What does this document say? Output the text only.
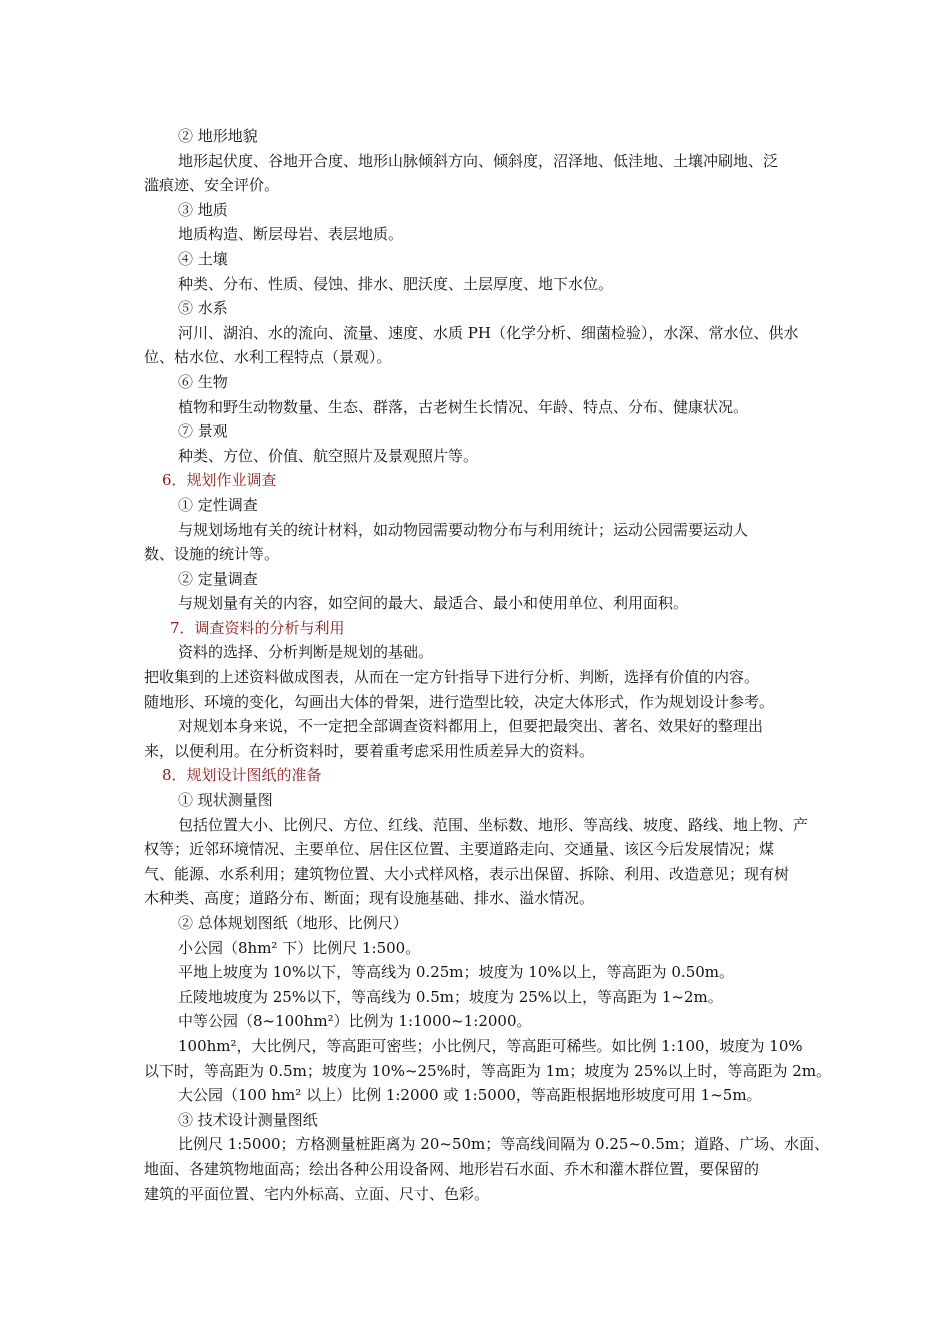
② 地形地貌
地形起伏度、谷地开合度、地形山脉倾斜方向、倾斜度，沼泽地、低洼地、土壤冲刷地、泛
滥痕迹、安全评价。
③ 地质
地质构造、断层母岩、表层地质。
④ 土壤
种类、分布、性质、侵蚀、排水、肥沃度、土层厚度、地下水位。
⑤ 水系
河川、湖泊、水的流向、流量、速度、水质 PH（化学分析、细菌检验），水深、常水位、供水
位、枯水位、水利工程特点（景观）。
⑥ 生物
植物和野生动物数量、生态、群落，古老树生长情况、年龄、特点、分布、健康状况。
⑦ 景观
种类、方位、价值、航空照片及景观照片等。
6．规划作业调查
① 定性调查
与规划场地有关的统计材料，如动物园需要动物分布与利用统计；运动公园需要运动人
数、设施的统计等。
② 定量调查
与规划量有关的内容，如空间的最大、最适合、最小和使用单位、利用面积。
7．调查资料的分析与利用
资料的选择、分析判断是规划的基础。
把收集到的上述资料做成图表，从而在一定方针指导下进行分析、判断，选择有价值的内容。
随地形、环境的变化，勾画出大体的骨架，进行造型比较，决定大体形式，作为规划设计参考。
对规划本身来说，不一定把全部调查资料都用上，但要把最突出、著名、效果好的整理出
来，以便利用。在分析资料时，要着重考虑采用性质差异大的资料。
8．规划设计图纸的准备
① 现状测量图
包括位置大小、比例尺、方位、红线、范围、坐标数、地形、等高线、坡度、路线、地上物、产
权等；近邻环境情况、主要单位、居住区位置、主要道路走向、交通量、该区今后发展情况；煤
气、能源、水系利用；建筑物位置、大小式样风格，表示出保留、拆除、利用、改造意见；现有树
木种类、高度；道路分布、断面；现有设施基础、排水、溢水情况。
② 总体规划图纸（地形、比例尺）
小公园（8hm² 下）比例尺 1:500。
平地上坡度为 10%以下，等高线为 0.25m；坡度为 10%以上，等高距为 0.50m。
丘陵地坡度为 25%以下，等高线为 0.5m；坡度为 25%以上，等高距为 1~2m。
中等公园（8~100hm²）比例为 1:1000~1:2000。
100hm²，大比例尺，等高距可密些；小比例尺，等高距可稀些。如比例 1:100，坡度为 10%
以下时，等高距为 0.5m；坡度为 10%~25%时，等高距为 1m；坡度为 25%以上时，等高距为 2m。
大公园（100 hm² 以上）比例 1:2000 或 1:5000，等高距根据地形坡度可用 1~5m。
③ 技术设计测量图纸
比例尺 1:5000；方格测量桩距离为 20~50m；等高线间隔为 0.25~0.5m；道路、广场、水面、
地面、各建筑物地面高；绘出各种公用设备网、地形岩石水面、乔木和灌木群位置，要保留的
建筑的平面位置、宅内外标高、立面、尺寸、色彩。
